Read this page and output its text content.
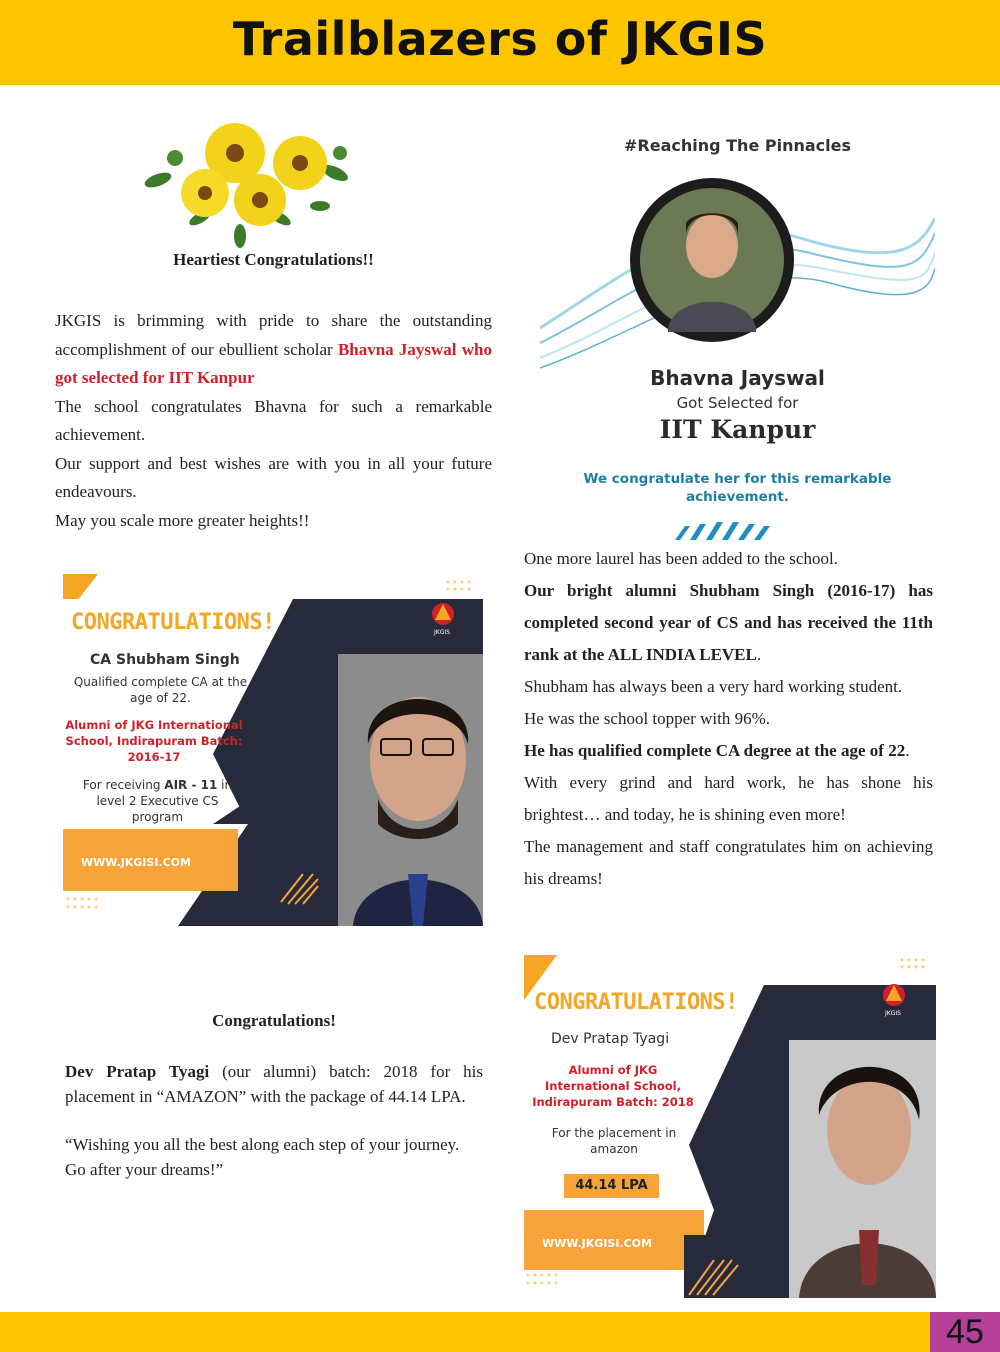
Trailblazers of JKGIS
Heartiest Congratulations!!

JKGIS is brimming with pride to share the outstanding accomplishment of our ebullient scholar Bhavna Jayswal who got selected for IIT Kanpur

The school congratulates Bhavna for such a remarkable achievement.

Our support and best wishes are with you in all your future endeavours.

May you scale more greater heights!!

#Reaching The Pinnacles
Bhavna Jayswal
Got Selected for
IIT Kanpur
We congratulate her for this remarkable achievement.
CONGRATULATIONS!
CA Shubham Singh
Qualified complete CA at the age of 22.
Alumni of JKG International School, Indirapuram Batch: 2016-17
For receiving AIR - 11 in level 2 Executive CS program
WWW.JKGISI.COM
JKGIS

One more laurel has been added to the school.

Our bright alumni Shubham Singh (2016-17) has completed second year of CS and has received the 11th rank at the ALL INDIA LEVEL.

Shubham has always been a very hard working student.

He was the school topper with 96%.

He has qualified complete CA degree at the age of 22.

With every grind and hard work, he has shone his brightest… and today, he is shining even more!

The management and staff congratulates him on achieving his dreams!

Congratulations!

Dev Pratap Tyagi (our alumni) batch: 2018 for his placement in “AMAZON” with the package of 44.14 LPA.

“Wishing you all the best along each step of your journey.

Go after your dreams!”

CONGRATULATIONS!
Dev Pratap Tyagi
Alumni of JKG International School, Indirapuram Batch: 2018
For the placement in amazon
44.14 LPA
WWW.JKGISI.COM
JKGIS
45
